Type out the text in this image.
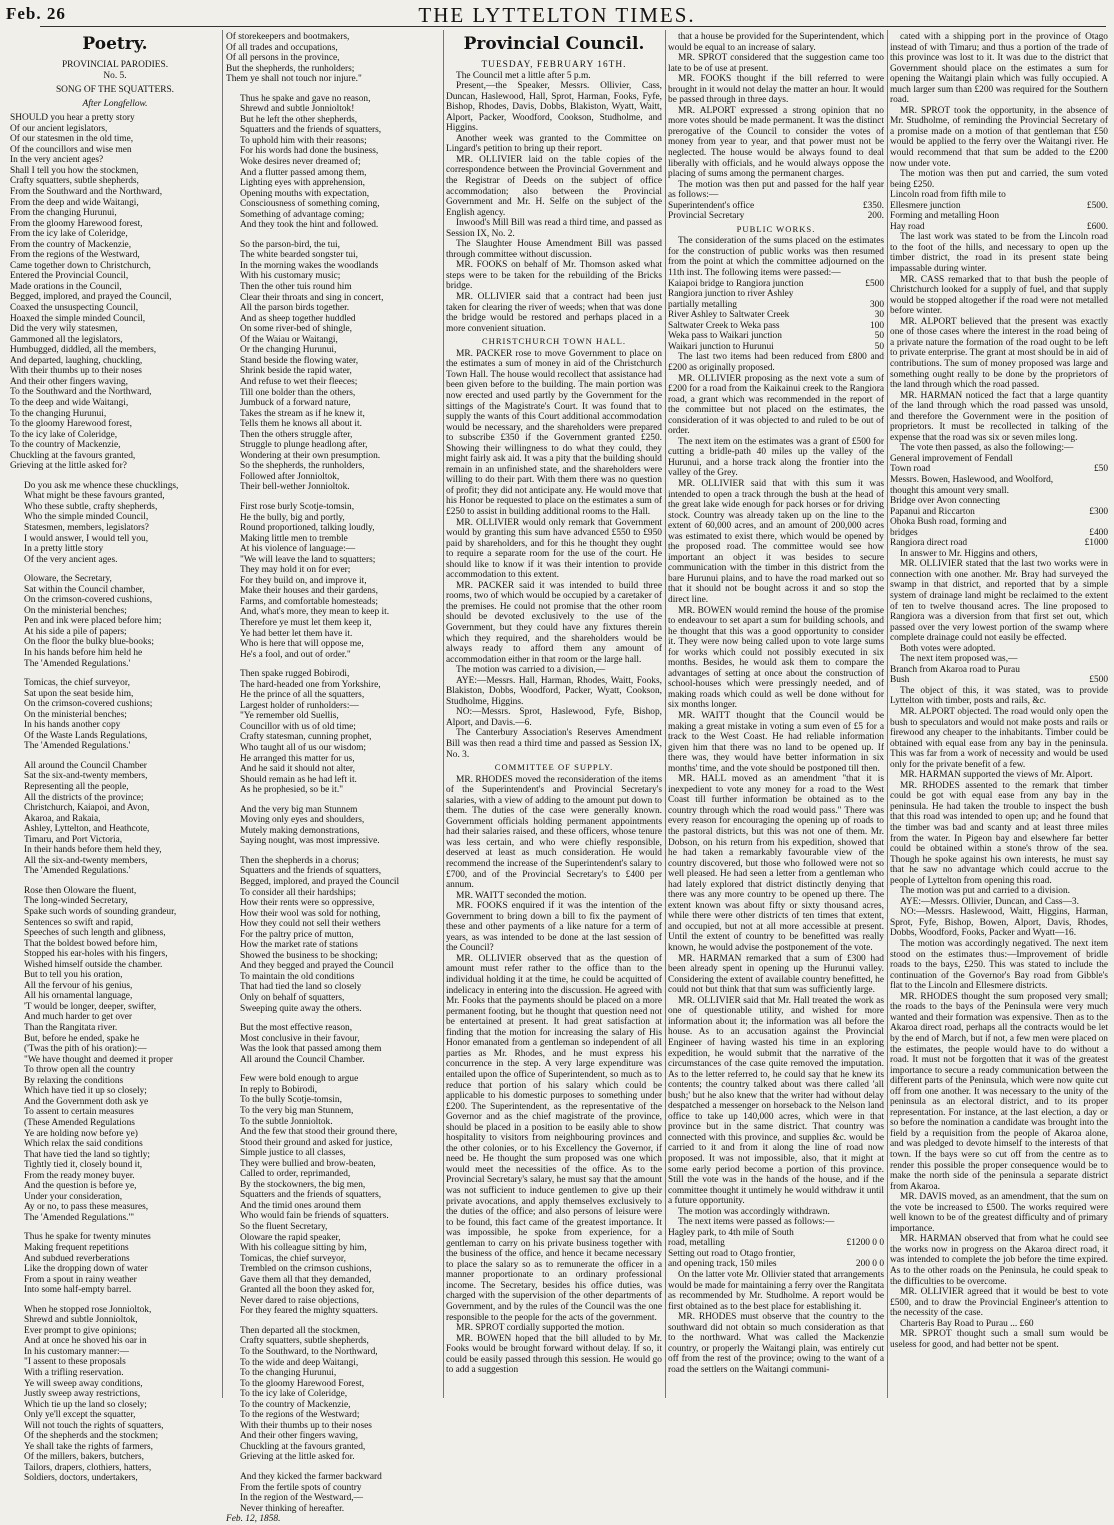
Feb. 26	THE LYTTELTON TIMES.
Poetry.
PROVINCIAL PARODIES.
No. 5.
SONG OF THE SQUATTERS.
After Longfellow.
SHOULD you hear a pretty story
Of our ancient legislators,
Of our statesmen in the old time,
Of the councillors and wise men
In the very ancient ages?
Shall I tell you how the stockmen,
Crafty squatters, subtle shepherds,
From the Southward and the Northward,
From the deep and wide Waitangi,
From the changing Hurunui,
From the gloomy Harewood forest,
From the icy lake of Coleridge,
From the country of Mackenzie,
From the regions of the Westward,
Came together down to Christchurch,
Entered the Provincial Council,
Made orations in the Council,
Begged, implored, and prayed the Council,
Coaxed the unsuspecting Council,
Hoaxed the simple minded Council,
Did the very wily statesmen,
Gammoned all the legislators,
Humbugged, diddled, all the members,
And departed, laughing, chuckling,
With their thumbs up to their noses
And their other fingers waving,
To the Southward and the Northward,
To the deep and wide Waitangi,
To the changing Hurunui,
To the gloomy Harewood forest,
To the icy lake of Coleridge,
To the country of Mackenzie,
Chuckling at the favours granted,
Grieving at the little asked for?
Do you ask me whence these chucklings,
What might be these favours granted,
Who these subtle, crafty shepherds,
Who the simple minded Council,
Statesmen, members, legislators?
I would answer, I would tell you,
In a pretty little story
Of the very ancient ages.
Oloware, the Secretary,
Sat within the Council chamber,
On the crimson-covered cushions,
On the ministerial benches;
Pen and ink were placed before him;
At his side a pile of papers;
On the floor the bulky blue-books;
In his hands before him held he
The 'Amended Regulations.'
Tomicas, the chief surveyor,
Sat upon the seat beside him,
On the crimson-covered cushions;
On the ministerial benches;
In his hands another copy
Of the Waste Lands Regulations,
The 'Amended Regulations.'
All around the Council Chamber
Sat the six-and-twenty members,
Representing all the people,
All the districts of the province;
Christchurch, Kaiapoi, and Avon,
Akaroa, and Rakaia,
Ashley, Lyttelton, and Heathcote,
Timaru, and Port Victoria,
In their hands before them held they,
All the six-and-twenty members,
The 'Amended Regulations.'
Rose then Oloware the fluent,
The long-winded Secretary,
Spake such words of sounding grandeur,
Sentences so swift and rapid,
Speeches of such length and glibness,
That the boldest bowed before him,
Stopped his ear-holes with his fingers,
Wished himself outside the chamber.
But to tell you his oration,
All the fervour of his genius,
All his ornamental language,
'T would be longer, deeper, swifter,
And much harder to get over
Than the Rangitata river.
But, before he ended, spake he
('Twas the pith of his oration):—
"We have thought and deemed it proper
To throw open all the country
By relaxing the conditions
Which have tied it up so closely;
And the Government doth ask ye
To assent to certain measures
(These Amended Regulations
Ye are holding now before ye)
Which relax the said conditions
That have tied the land so tightly;
Tightly tied it, closely bound it,
From the ready money buyer.
And the question is before ye,
Under your consideration,
Ay or no, to pass these measures,
The 'Amended Regulations.'"
Thus he spake for twenty minutes
Making frequent repetitions
And subdued reverberations
Like the dropping down of water
From a spout in rainy weather
Into some half-empty barrel.
When he stopped rose Jonnioltok,
Shrewd and subtle Jonnioltok,
Ever prompt to give opinions;
And at once he shoved his oar in
In his customary manner:—
"I assent to these proposals
With a trifling reservation.
Ye will sweep away conditions,
Justly sweep away restrictions,
Which tie up the land so closely;
Only ye'll except the squatter,
Will not touch the rights of squatters,
Of the shepherds and the stockmen;
Ye shall take the rights of farmers,
Of the millers, bakers, butchers,
Tailors, drapers, clothiers, hatters,
Soldiers, doctors, undertakers,
Of storekeepers and bootmakers,
Of all trades and occupations,
Of all persons in the province,
But the shepherds, the runholders;
Them ye shall not touch nor injure."
Thus he spake and gave no reason,
Shrewd and subtle Jonnioltok!
But he left the other shepherds,
Squatters and the friends of squatters,
To uphold him with their reasons;
For his words had done the business,
Woke desires never dreamed of;
And a flutter passed among them,
Lighting eyes with apprehension,
Opening mouths with expectation,
Consciousness of something coming,
Something of advantage coming;
And they took the hint and followed.
So the parson-bird, the tui,
The white bearded songster tui,
In the morning wakes the woodlands
With his customary music;
Then the other tuis round him
Clear their throats and sing in concert,
All the parson birds together.
And as sheep together huddled
On some river-bed of shingle,
Of the Waiau or Waitangi,
Or the changing Hurunui,
Stand beside the flowing water,
Shrink beside the rapid water,
And refuse to wet their fleeces;
Till one bolder than the others,
Jumbuck of a forward nature,
Takes the stream as if he knew it,
Tells them he knows all about it.
Then the others struggle after,
Struggle to plunge headlong after,
Wondering at their own presumption.
So the shepherds, the runholders,
Followed after Jonnioltok,
Their bell-wether Jonnioltok.
First rose burly Scotje-tomsin,
He the bully, big and portly,
Round proportioned, talking loudly,
Making little men to tremble
At his violence of language:—
"We will leave the land to squatters;
They may hold it on for ever;
For they build on, and improve it,
Make their houses and their gardens,
Farms, and comfortable homesteads;
And, what's more, they mean to keep it.
Therefore ye must let them keep it,
Ye had better let them have it.
Who is here that will oppose me,
He's a fool, and out of order."
Then spake rugged Bobirodi,
The hard-headed one from Yorkshire,
He the prince of all the squatters,
Largest holder of runholders:—
"Ye remember old Suellis,
Councillor with us of old time;
Crafty statesman, cunning prophet,
Who taught all of us our wisdom;
He arranged this matter for us,
And he said it should not alter,
Should remain as he had left it.
As he prophesied, so be it."
And the very big man Stunnem
Moving only eyes and shoulders,
Mutely making demonstrations,
Saying nought, was most impressive.
Then the shepherds in a chorus;
Squatters and the friends of squatters,
Begged, implored, and prayed the Council
To consider all their hardships;
How their rents were so oppressive,
How their wool was sold for nothing,
How they could not sell their wethers
For the paltry price of mutton,
How the market rate of stations
Showed the business to be shocking;
And they begged and prayed the Council
To maintain the old conditions
That had tied the land so closely
Only on behalf of squatters,
Sweeping quite away the others.
But the most effective reason,
Most conclusive in their favour,
Was the look that passed among them
All around the Council Chamber.
Few were bold enough to argue
In reply to Bobirodi,
To the bully Scotje-tomsin,
To the very big man Stunnem,
To the subtle Jonnioltok.
And the few that stood their ground there,
Stood their ground and asked for justice,
Simple justice to all classes,
They were bullied and brow-beaten,
Called to order, reprimanded,
By the stockowners, the big men,
Squatters and the friends of squatters,
And the timid ones around them
Who would fain be friends of squatters.
So the fluent Secretary,
Oloware the rapid speaker,
With his colleague sitting by him,
Tomicas, the chief surveyor,
Trembled on the crimson cushions,
Gave them all that they demanded,
Granted all the boon they asked for,
Never dared to raise objections,
For they feared the mighty squatters.
Then departed all the stockmen,
Crafty squatters, subtle shepherds,
To the Southward, to the Northward,
To the wide and deep Waitangi,
To the changing Hurunui,
To the gloomy Harewood Forest,
To the icy lake of Coleridge,
To the country of Mackenzie,
To the regions of the Westward;
With their thumbs up to their noses
And their other fingers waving,
Chuckling at the favours granted,
Grieving at the little asked for.
And they kicked the farmer backward
From the fertile spots of country
In the region of the Westward,—
Never thinking of hereafter.
Feb. 12, 1858.
Provincial Council.
TUESDAY, FEBRUARY 16TH.

The Council met a little after 5 p.m.

Present,—the Speaker, Messrs. Ollivier, Cass, Duncan, Haslewood, Hall, Sprot, Harman, Fooks, Fyfe, Bishop, Rhodes, Davis, Dobbs, Blakiston, Wyatt, Waitt, Alport, Packer, Woodford, Cookson, Studholme, and Higgins.

Another week was granted to the Committee on Lingard's petition to bring up their report.

MR. OLLIVIER laid on the table copies of the correspondence between the Provincial Government and the Registrar of Deeds on the subject of office accommodation; also between the Provincial Government and Mr. H. Selfe on the subject of the English agency.

Inwood's Mill Bill was read a third time, and passed as Session IX, No. 2.

The Slaughter House Amendment Bill was passed through committee without discussion.

MR. FOOKS on behalf of Mr. Thomson asked what steps were to be taken for the rebuilding of the Bricks bridge.

MR. OLLIVIER said that a contract had been just taken for clearing the river of weeds; when that was done the bridge would be restored and perhaps placed in a more convenient situation.

CHRISTCHURCH TOWN HALL.

MR. PACKER rose to move Government to place on the estimates a sum of money in aid of the Christchurch Town Hall. The house would recollect that assistance had been given before to the building. The main portion was now erected and used partly by the Government for the sittings of the Magistrate's Court. It was found that to supply the wants of this Court additional accommodation would be necessary, and the shareholders were prepared to subscribe £350 if the Government granted £250. Showing their willingness to do what they could, they might fairly ask aid. It was a pity that the building should remain in an unfinished state, and the shareholders were willing to do their part. With them there was no question of profit; they did not anticipate any. He would move that his Honor be requested to place on the estimates a sum of £250 to assist in building additional rooms to the Hall.

MR. OLLIVIER would only remark that Government would by granting this sum have advanced £550 to £950 paid by shareholders, and for this he thought they ought to require a separate room for the use of the court. He should like to know if it was their intention to provide accommodation to this extent.

MR. PACKER said it was intended to build three rooms, two of which would be occupied by a caretaker of the premises. He could not promise that the other room should be devoted exclusively to the use of the Government, but they could have any fixtures therein which they required, and the shareholders would be always ready to afford them any amount of accommodation either in that room or the large hall.

The motion was carried to a division,—

AYE:—Messrs. Hall, Harman, Rhodes, Waitt, Fooks, Blakiston, Dobbs, Woodford, Packer, Wyatt, Cookson, Studholme, Higgins.

NO:—Messrs. Sprot, Haslewood, Fyfe, Bishop, Alport, and Davis.—6.

The Canterbury Association's Reserves Amendment Bill was then read a third time and passed as Session IX, No. 3.

COMMITTEE OF SUPPLY.

MR. RHODES moved the reconsideration of the items of the Superintendent's and Provincial Secretary's salaries, with a view of adding to the amount put down to them. The duties of the case were generally known. Government officials holding permanent appointments had their salaries raised, and these officers, whose tenure was less certain, and who were chiefly responsible, deserved at least as much consideration. He would recommend the increase of the Superintendent's salary to £700, and of the Provincial Secretary's to £400 per annum.

MR. WAITT seconded the motion.

MR. FOOKS enquired if it was the intention of the Government to bring down a bill to fix the payment of these and other payments of a like nature for a term of years, as was intended to be done at the last session of the Council?

MR. OLLIVIER observed that as the question of amount must refer rather to the office than to the individual holding it at the time, he could be acquitted of indelicacy in entering into the discussion. He agreed with Mr. Fooks that the payments should be placed on a more permanent footing, but he thought that question need not be entertained at present. It had great satisfaction at finding that the motion for increasing the salary of His Honor emanated from a gentleman so independent of all parties as Mr. Rhodes, and he must express his concurrence in the step. A very large expenditure was entailed upon the office of Superintendent, so much as to reduce that portion of his salary which could be applicable to his domestic purposes to something under £200. The Superintendent, as the representative of the Governor and as the chief magistrate of the province, should be placed in a position to be easily able to show hospitality to visitors from neighbouring provinces and the other colonies, or to his Excellency the Governor, if need be. He thought the sum proposed was one which would meet the necessities of the office. As to the Provincial Secretary's salary, he must say that the amount was not sufficient to induce gentlemen to give up their private avocations, and apply themselves exclusively to the duties of the office; and also persons of leisure were to be found, this fact came of the greatest importance. It was impossible, he spoke from experience, for a gentleman to carry on his private business together with the business of the office, and hence it became necessary to place the salary so as to remunerate the officer in a manner proportionate to an ordinary professional income. The Secretary, besides his office duties, was charged with the supervision of the other departments of Government, and by the rules of the Council was the one responsible to the people for the acts of the government.

MR. SPROT cordially supported the motion.

MR. BOWEN hoped that the bill alluded to by Mr. Fooks would be brought forward without delay. If so, it could be easily passed through this session. He would go to add a suggestion

that a house be provided for the Superintendent, which would be equal to an increase of salary.

MR. SPROT considered that the suggestion came too late to be of use at present.

MR. FOOKS thought if the bill referred to were brought in it would not delay the matter an hour. It would be passed through in three days.

MR. ALPORT expressed a strong opinion that no more votes should be made permanent. It was the distinct prerogative of the Council to consider the votes of money from year to year, and that power must not be neglected. The house would be always found to deal liberally with officials, and he would always oppose the placing of sums among the permanent charges.

The motion was then put and passed for the half year as follows:—

Superintendent's office	£350.
Provincial Secretary	200.
PUBLIC WORKS.

The consideration of the sums placed on the estimates for the construction of public works was then resumed from the point at which the committee adjourned on the 11th inst. The following items were passed:—

Kaiapoi bridge to Rangiora junction	£500
Rangiora junction to river Ashley
partially metalling	300
River Ashley to Saltwater Creek	30
Saltwater Creek to Weka pass	100
Weka pass to Waikari junction	50
Waikari junction to Hurunui	50

The last two items had been reduced from £800 and £200 as originally proposed.

MR. OLLIVIER proposing as the next vote a sum of £200 for a road from the Kaikainui creek to the Rangiora road, a grant which was recommended in the report of the committee but not placed on the estimates, the consideration of it was objected to and ruled to be out of order.

The next item on the estimates was a grant of £500 for cutting a bridle-path 40 miles up the valley of the Hurunui, and a horse track along the frontier into the valley of the Grey.

MR. OLLIVIER said that with this sum it was intended to open a track through the bush at the head of the great lake wide enough for pack horses or for driving stock. Country was already taken up on the line to the extent of 60,000 acres, and an amount of 200,000 acres was estimated to exist there, which would be opened by the proposed road. The committee would see how important an object it was besides to secure communication with the timber in this district from the bare Hurunui plains, and to have the road marked out so that it should not be bought across it and so stop the direct line.

MR. BOWEN would remind the house of the promise to endeavour to set apart a sum for building schools, and he thought that this was a good opportunity to consider it. They were now being called upon to vote large sums for works which could not possibly executed in six months. Besides, he would ask them to compare the advantages of setting at once about the construction of school-houses which were pressingly needed, and of making roads which could as well be done without for six months longer.

MR. WAITT thought that the Council would be making a great mistake in voting a sum even of £5 for a track to the West Coast. He had reliable information given him that there was no land to be opened up. If there was, they would have better information in six months' time, and the vote should be postponed till then.

MR. HALL moved as an amendment "that it is inexpedient to vote any money for a road to the West Coast till further information be obtained as to the country through which the road would pass." There was every reason for encouraging the opening up of roads to the pastoral districts, but this was not one of them. Mr. Dobson, on his return from his expedition, showed that he had taken a remarkably favourable view of the country discovered, but those who followed were not so well pleased. He had seen a letter from a gentleman who had lately explored that district distinctly denying that there was any more country to be opened up there. The extent known was about fifty or sixty thousand acres, while there were other districts of ten times that extent, and occupied, but not at all more accessible at present. Until the extent of country to be benefitted was really known, he would advise the postponement of the vote.

MR. HARMAN remarked that a sum of £300 had been already spent in opening up the Hurunui valley. Considering the extent of available country benefitted, he could not but think that that sum was sufficiently large.

MR. OLLIVIER said that Mr. Hall treated the work as one of questionable utility, and wished for more information about it; the information was all before the house. As to an accusation against the Provincial Engineer of having wasted his time in an exploring expedition, he would submit that the narrative of the circumstances of the case quite removed the imputation. As to the letter referred to, he could say that he knew its contents; the country talked about was there called 'all bush;' but he also knew that the writer had without delay despatched a messenger on horseback to the Nelson land office to take up 140,000 acres, which were in that province but in the same district. That country was connected with this province, and supplies &c. would be carried to it and from it along the line of road now proposed. It was not impossible, also, that it might at some early period become a portion of this province. Still the vote was in the hands of the house, and if the committee thought it untimely he would withdraw it until a future opportunity.

The motion was accordingly withdrawn.

The next items were passed as follows:—

Hagley park, to 4th mile of South
road, metalling	£1200 0 0
Setting out road to Otago frontier,
and opening track, 150 miles	200 0 0

On the latter vote Mr. Ollivier stated that arrangements would be made for maintaining a ferry over the Rangitata as recommended by Mr. Studholme. A report would be first obtained as to the best place for establishing it.

MR. RHODES must observe that the country to the southward did not obtain so much consideration as that to the northward. What was called the Mackenzie country, or properly the Waitangi plain, was entirely cut off from the rest of the province; owing to the want of a road the settlers on the Waitangi communi-

cated with a shipping port in the province of Otago instead of with Timaru; and thus a portion of the trade of this province was lost to it. It was due to the district that Government should place on the estimates a sum for opening the Waitangi plain which was fully occupied. A much larger sum than £200 was required for the Southern road.

MR. SPROT took the opportunity, in the absence of Mr. Studholme, of reminding the Provincial Secretary of a promise made on a motion of that gentleman that £50 would be applied to the ferry over the Waitangi river. He would recommend that that sum be added to the £200 now under vote.

The motion was then put and carried, the sum voted being £250.

Lincoln road from fifth mile to
Ellesmere junction	£500.
Forming and metalling Hoon
Hay road	£600.

The last work was stated to be from the Lincoln road to the foot of the hills, and necessary to open up the timber district, the road in its present state being impassable during winter.

MR. CASS remarked that to that bush the people of Christchurch looked for a supply of fuel, and that supply would be stopped altogether if the road were not metalled before winter.

MR. ALPORT believed that the present was exactly one of those cases where the interest in the road being of a private nature the formation of the road ought to be left to private enterprise. The grant at most should be in aid of contributions. The sum of money proposed was large and something ought really to be done by the proprietors of the land through which the road passed.

MR. HARMAN noticed the fact that a large quantity of the land through which the road passed was unsold, and therefore the Government were in the position of proprietors. It must be recollected in talking of the expense that the road was six or seven miles long.

The vote then passed, as also the following:—

General improvement of Fendall
Town road	£50
Messrs. Bowen, Haslewood, and Woolford,
thought this amount very small.
Bridge over Avon connecting
Papanui and Riccarton	£300
Ohoka Bush road, forming and
bridges	£400
Rangiora direct road	£1000

In answer to Mr. Higgins and others,

MR. OLLIVIER stated that the last two works were in connection with one another. Mr. Bray had surveyed the swamp in that district, and reported that by a simple system of drainage land might be reclaimed to the extent of ten to twelve thousand acres. The line proposed to Rangiora was a diversion from that first set out, which passed over the very lowest portion of the swamp where complete drainage could not easily be effected.

Both votes were adopted.

The next item proposed was,—

Branch from Akaroa road to Purau
Bush	£500

The object of this, it was stated, was to provide Lyttelton with timber, posts and rails, &c.

MR. ALPORT objected. The road would only open the bush to speculators and would not make posts and rails or firewood any cheaper to the inhabitants. Timber could be obtained with equal ease from any bay in the peninsula. This was far from a work of necessity and would be used only for the private benefit of a few.

MR. HARMAN supported the views of Mr. Alport.

MR. RHODES assented to the remark that timber could be got with equal ease from any bay in the peninsula. He had taken the trouble to inspect the bush that this road was intended to open up; and he found that the timber was bad and scanty and at least three miles from the water. In Pigeon bay and elsewhere far better could be obtained within a stone's throw of the sea. Though he spoke against his own interests, he must say that he saw no advantage which could accrue to the people of Lyttelton from opening this road.

The motion was put and carried to a division.

AYE:—Messrs. Ollivier, Duncan, and Cass—3.

NO:—Messrs. Haslewood, Waitt, Higgins, Harman, Sprot, Fyfe, Bishop, Bowen, Alport, Davis, Rhodes, Dobbs, Woodford, Fooks, Packer and Wyatt—16.

The motion was accordingly negatived. The next item stood on the estimates thus:—Improvement of bridle roads to the bays, £250. This was stated to include the continuation of the Governor's Bay road from Gibble's flat to the Lincoln and Ellesmere districts.

MR. RHODES thought the sum proposed very small; the roads to the bays of the Peninsula were very much wanted and their formation was expensive. Then as to the Akaroa direct road, perhaps all the contracts would be let by the end of March, but if not, a few men were placed on the estimates, the people would have to do without a road. It must not be forgotten that it was of the greatest importance to secure a ready communication between the different parts of the Peninsula, which were now quite cut off from one another. It was necessary to the unity of the peninsula as an electoral district, and to its proper representation. For instance, at the last election, a day or so before the nomination a candidate was brought into the field by a requisition from the people of Akaroa alone, and was pledged to devote himself to the interests of that town. If the bays were so cut off from the centre as to render this possible the proper consequence would be to make the north side of the peninsula a separate district from Akaroa.

MR. DAVIS moved, as an amendment, that the sum on the vote be increased to £500. The works required were well known to be of the greatest difficulty and of primary importance.

MR. HARMAN observed that from what he could see the works now in progress on the Akaroa direct road, it was intended to complete the job before the time expired. As to the other roads on the Peninsula, he could speak to the difficulties to be overcome.

MR. OLLIVIER agreed that it would be best to vote £500, and to draw the Provincial Engineer's attention to the necessity of the case.

Charteris Bay Road to Purau ... £60

MR. SPROT thought such a small sum would be useless for good, and had better not be spent.
